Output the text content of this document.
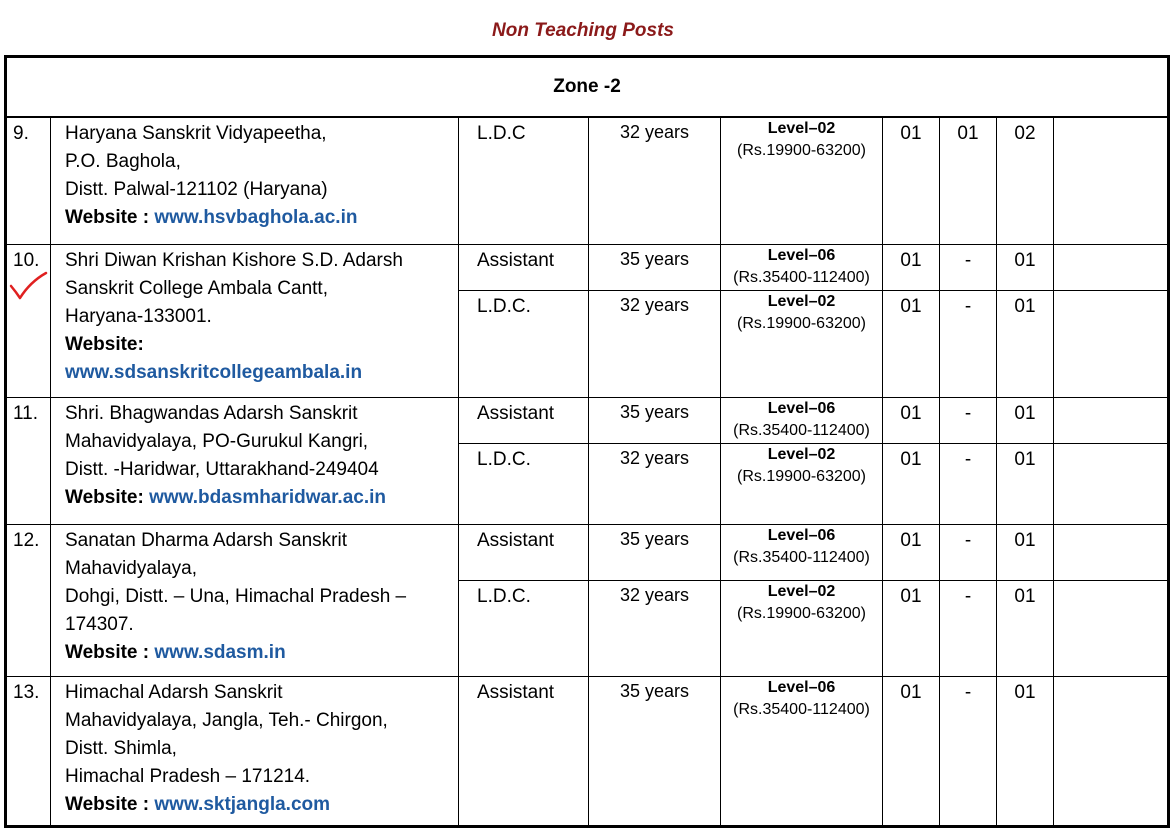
Non Teaching Posts
Zone -2								
9.	Haryana Sanskrit Vidyapeetha,
P.O. Baghola,
Distt. Palwal-121102 (Haryana)
Website : www.hsvbaghola.ac.in	L.D.C	32 years	Level–02
(Rs.19900-63200)	01	01	02	
10.	Shri Diwan Krishan Kishore S.D. Adarsh
Sanskrit College Ambala Cantt,
Haryana-133001.
Website:
www.sdsanskritcollegeambala.in	Assistant	35 years	Level–06
(Rs.35400-112400)	01	-	01	
		L.D.C.	32 years	Level–02
(Rs.19900-63200)	01	-	01	
11.	Shri. Bhagwandas Adarsh Sanskrit
Mahavidyalaya, PO-Gurukul Kangri,
Distt. -Haridwar, Uttarakhand-249404
Website: www.bdasmharidwar.ac.in	Assistant	35 years	Level–06
(Rs.35400-112400)	01	-	01	
		L.D.C.	32 years	Level–02
(Rs.19900-63200)	01	-	01	
12.	Sanatan Dharma Adarsh Sanskrit
Mahavidyalaya,
Dohgi, Distt. – Una, Himachal Pradesh –
174307.
Website : www.sdasm.in	Assistant	35 years	Level–06
(Rs.35400-112400)	01	-	01	
		L.D.C.	32 years	Level–02
(Rs.19900-63200)	01	-	01	
13.	Himachal Adarsh Sanskrit
Mahavidyalaya, Jangla, Teh.- Chirgon,
Distt. Shimla,
Himachal Pradesh – 171214.
Website : www.sktjangla.com	Assistant	35 years	Level–06
(Rs.35400-112400)	01	-	01	
